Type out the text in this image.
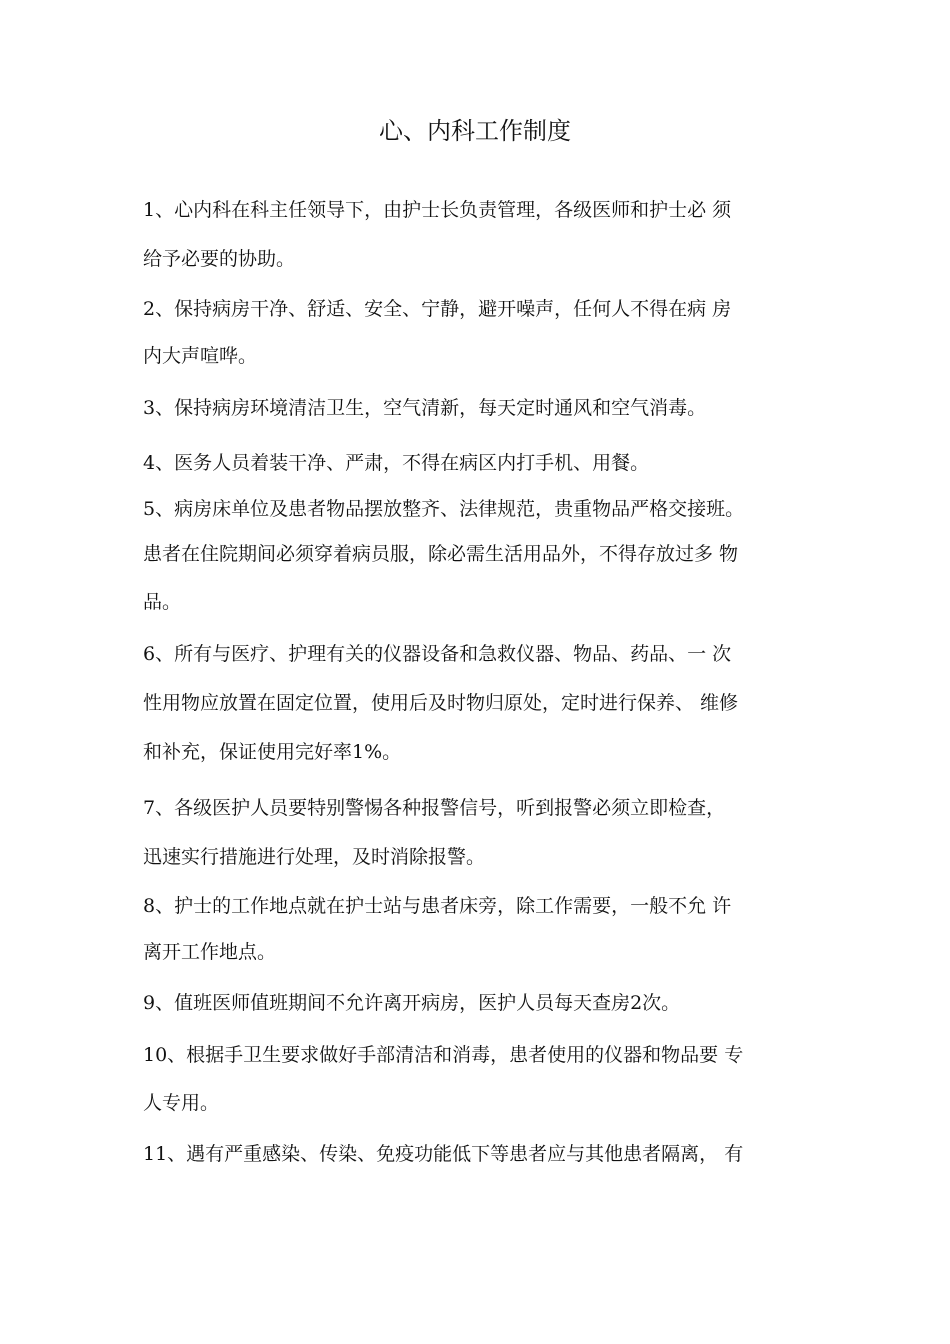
心、内科工作制度
1、心内科在科主任领导下，由护士长负责管理，各级医师和护士必 须
给予必要的协助。
2、保持病房干净、舒适、安全、宁静，避开噪声，任何人不得在病 房
内大声喧哗。
3、保持病房环境清洁卫生，空气清新，每天定时通风和空气消毒。
4、医务人员着装干净、严肃，不得在病区内打手机、用餐。
5、病房床单位及患者物品摆放整齐、法律规范，贵重物品严格交接班。
患者在住院期间必须穿着病员服，除必需生活用品外，不得存放过多 物
品。
6、所有与医疗、护理有关的仪器设备和急救仪器、物品、药品、一 次
性用物应放置在固定位置，使用后及时物归原处，定时进行保养、 维修
和补充，保证使用完好率1%。
7、各级医护人员要特别警惕各种报警信号，听到报警必须立即检查，
迅速实行措施进行处理，及时消除报警。
8、护士的工作地点就在护士站与患者床旁，除工作需要，一般不允 许
离开工作地点。
9、值班医师值班期间不允许离开病房，医护人员每天查房2次。
10、根据手卫生要求做好手部清洁和消毒，患者使用的仪器和物品要 专
人专用。
11、遇有严重感染、传染、免疫功能低下等患者应与其他患者隔离， 有
